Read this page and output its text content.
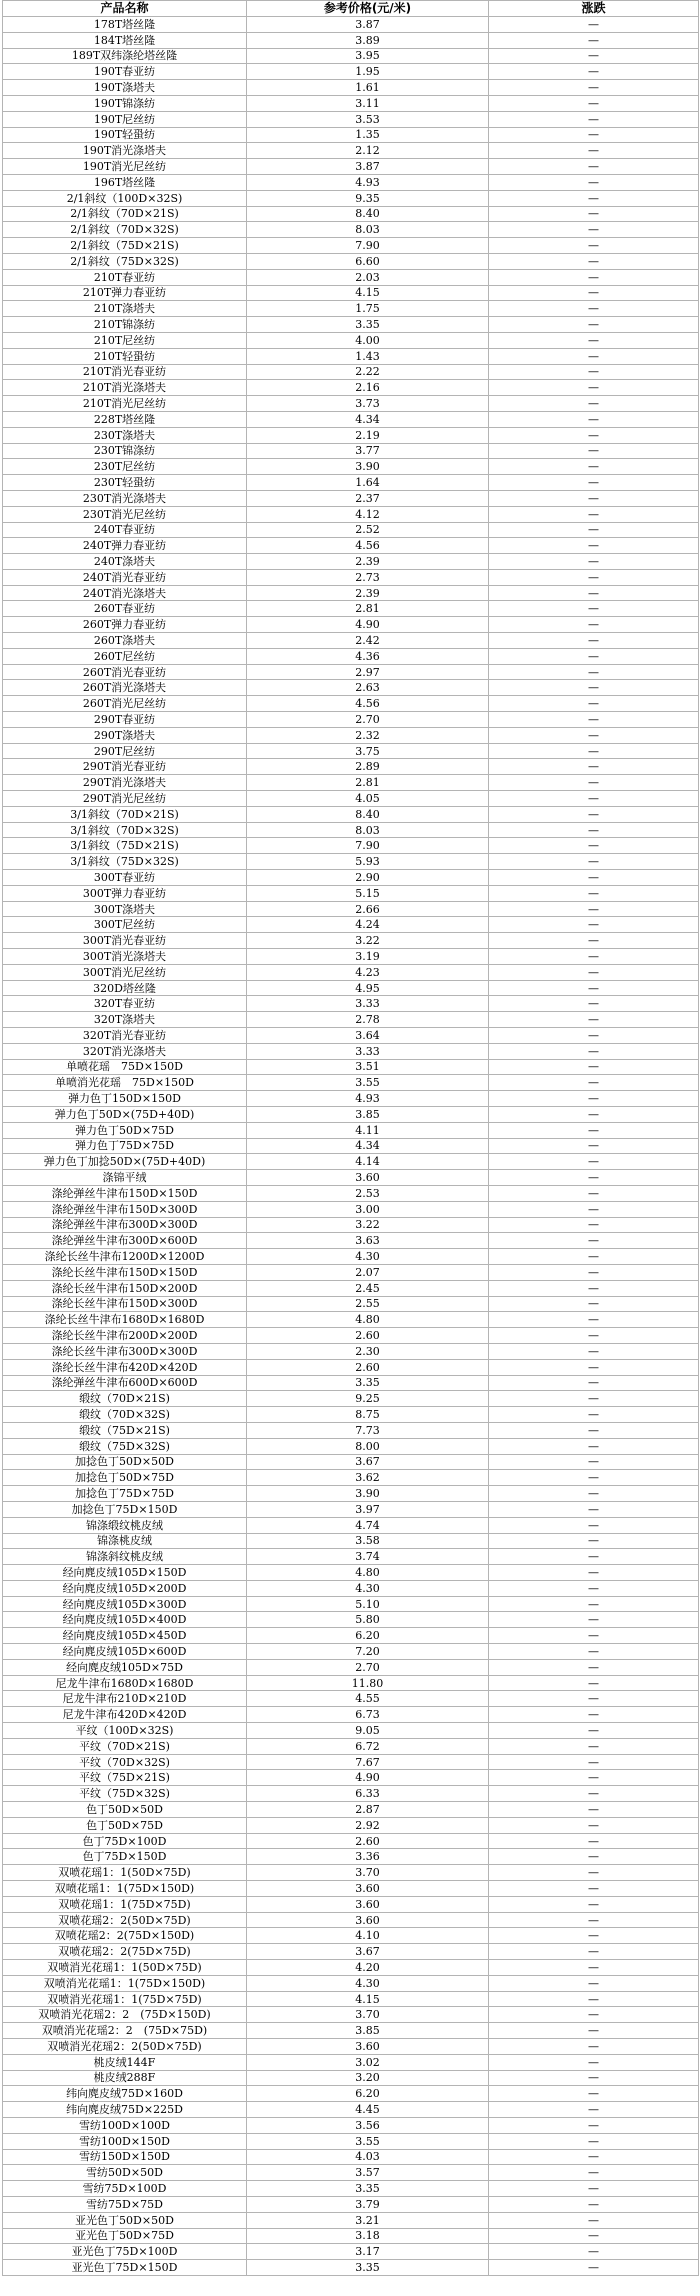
产品名称	参考价格(元/米)	涨跌
178T塔丝隆	3.87	—
184T塔丝隆	3.89	—
189T双纬涤纶塔丝隆	3.95	—
190T春亚纺	1.95	—
190T涤塔夫	1.61	—
190T锦涤纺	3.11	—
190T尼丝纺	3.53	—
190T轻蛩纺	1.35	—
190T消光涤塔夫	2.12	—
190T消光尼丝纺	3.87	—
196T塔丝隆	4.93	—
2/1斜纹（100D×32S)	9.35	—
2/1斜纹（70D×21S)	8.40	—
2/1斜纹（70D×32S)	8.03	—
2/1斜纹（75D×21S)	7.90	—
2/1斜纹（75D×32S)	6.60	—
210T春亚纺	2.03	—
210T弹力春亚纺	4.15	—
210T涤塔夫	1.75	—
210T锦涤纺	3.35	—
210T尼丝纺	4.00	—
210T轻蛩纺	1.43	—
210T消光春亚纺	2.22	—
210T消光涤塔夫	2.16	—
210T消光尼丝纺	3.73	—
228T塔丝隆	4.34	—
230T涤塔夫	2.19	—
230T锦涤纺	3.77	—
230T尼丝纺	3.90	—
230T轻蛩纺	1.64	—
230T消光涤塔夫	2.37	—
230T消光尼丝纺	4.12	—
240T春亚纺	2.52	—
240T弹力春亚纺	4.56	—
240T涤塔夫	2.39	—
240T消光春亚纺	2.73	—
240T消光涤塔夫	2.39	—
260T春亚纺	2.81	—
260T弹力春亚纺	4.90	—
260T涤塔夫	2.42	—
260T尼丝纺	4.36	—
260T消光春亚纺	2.97	—
260T消光涤塔夫	2.63	—
260T消光尼丝纺	4.56	—
290T春亚纺	2.70	—
290T涤塔夫	2.32	—
290T尼丝纺	3.75	—
290T消光春亚纺	2.89	—
290T消光涤塔夫	2.81	—
290T消光尼丝纺	4.05	—
3/1斜纹（70D×21S)	8.40	—
3/1斜纹（70D×32S)	8.03	—
3/1斜纹（75D×21S)	7.90	—
3/1斜纹（75D×32S)	5.93	—
300T春亚纺	2.90	—
300T弹力春亚纺	5.15	—
300T涤塔夫	2.66	—
300T尼丝纺	4.24	—
300T消光春亚纺	3.22	—
300T消光涤塔夫	3.19	—
300T消光尼丝纺	4.23	—
320D塔丝隆	4.95	—
320T春亚纺	3.33	—
320T涤塔夫	2.78	—
320T消光春亚纺	3.64	—
320T消光涤塔夫	3.33	—
单喷花瑶　75D×150D	3.51	—
单喷消光花瑶　75D×150D	3.55	—
弹力色丁150D×150D	4.93	—
弹力色丁50D×(75D+40D)	3.85	—
弹力色丁50D×75D	4.11	—
弹力色丁75D×75D	4.34	—
弹力色丁加捻50D×(75D+40D)	4.14	—
涤锦平绒	3.60	—
涤纶弹丝牛津布150D×150D	2.53	—
涤纶弹丝牛津布150D×300D	3.00	—
涤纶弹丝牛津布300D×300D	3.22	—
涤纶弹丝牛津布300D×600D	3.63	—
涤纶长丝牛津布1200D×1200D	4.30	—
涤纶长丝牛津布150D×150D	2.07	—
涤纶长丝牛津布150D×200D	2.45	—
涤纶长丝牛津布150D×300D	2.55	—
涤纶长丝牛津布1680D×1680D	4.80	—
涤纶长丝牛津布200D×200D	2.60	—
涤纶长丝牛津布300D×300D	2.30	—
涤纶长丝牛津布420D×420D	2.60	—
涤纶弹丝牛津布600D×600D	3.35	—
缎纹（70D×21S)	9.25	—
缎纹（70D×32S)	8.75	—
缎纹（75D×21S)	7.73	—
缎纹（75D×32S)	8.00	—
加捻色丁50D×50D	3.67	—
加捻色丁50D×75D	3.62	—
加捻色丁75D×75D	3.90	—
加捻色丁75D×150D	3.97	—
锦涤缎纹桃皮绒	4.74	—
锦涤桃皮绒	3.58	—
锦涤斜纹桃皮绒	3.74	—
经向麂皮绒105D×150D	4.80	—
经向麂皮绒105D×200D	4.30	—
经向麂皮绒105D×300D	5.10	—
经向麂皮绒105D×400D	5.80	—
经向麂皮绒105D×450D	6.20	—
经向麂皮绒105D×600D	7.20	—
经向麂皮绒105D×75D	2.70	—
尼龙牛津布1680D×1680D	11.80	—
尼龙牛津布210D×210D	4.55	—
尼龙牛津布420D×420D	6.73	—
平纹（100D×32S)	9.05	—
平纹（70D×21S)	6.72	—
平纹（70D×32S)	7.67	—
平纹（75D×21S)	4.90	—
平纹（75D×32S)	6.33	—
色丁50D×50D	2.87	—
色丁50D×75D	2.92	—
色丁75D×100D	2.60	—
色丁75D×150D	3.36	—
双喷花瑶1：1(50D×75D)	3.70	—
双喷花瑶1：1(75D×150D)	3.60	—
双喷花瑶1：1(75D×75D)	3.60	—
双喷花瑶2：2(50D×75D)	3.60	—
双喷花瑶2：2(75D×150D)	4.10	—
双喷花瑶2：2(75D×75D)	3.67	—
双喷消光花瑶1：1(50D×75D)	4.20	—
双喷消光花瑶1：1(75D×150D)	4.30	—
双喷消光花瑶1：1(75D×75D)	4.15	—
双喷消光花瑶2：2　(75D×150D)	3.70	—
双喷消光花瑶2：2　(75D×75D)	3.85	—
双喷消光花瑶2：2(50D×75D)	3.60	—
桃皮绒144F	3.02	—
桃皮绒288F	3.20	—
纬向麂皮绒75D×160D	6.20	—
纬向麂皮绒75D×225D	4.45	—
雪纺100D×100D	3.56	—
雪纺100D×150D	3.55	—
雪纺150D×150D	4.03	—
雪纺50D×50D	3.57	—
雪纺75D×100D	3.35	—
雪纺75D×75D	3.79	—
亚光色丁50D×50D	3.21	—
亚光色丁50D×75D	3.18	—
亚光色丁75D×100D	3.17	—
亚光色丁75D×150D	3.35	—
